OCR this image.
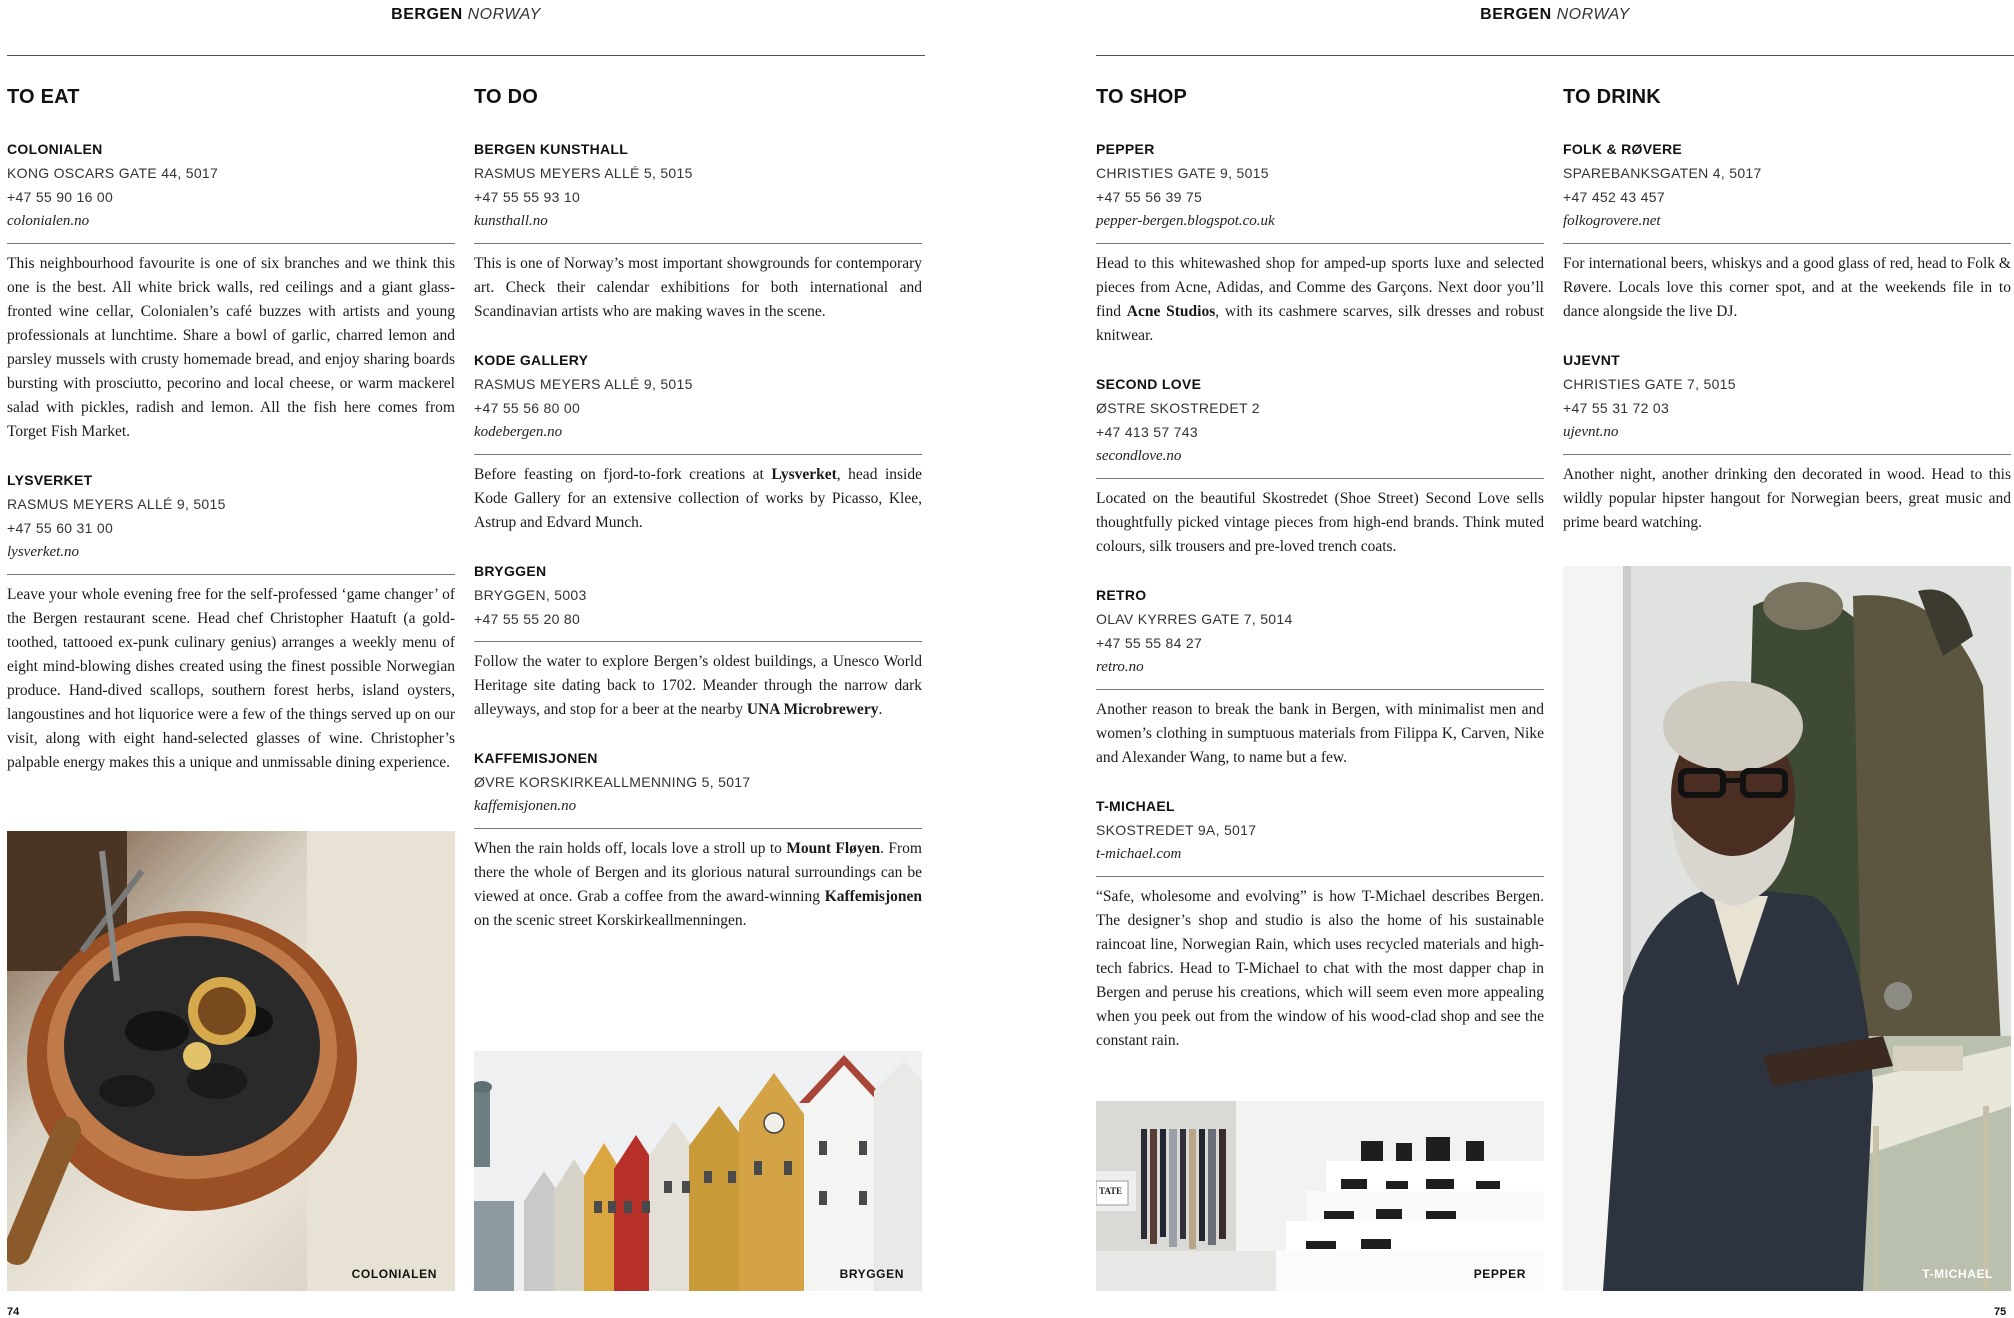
BERGEN NORWAY	BERGEN NORWAY
TO EAT
COLONIALEN
KONG OSCARS GATE 44, 5017
+47 55 90 16 00
colonialen.no

This neighbourhood favourite is one of six branches and we think this one is the best. All white brick walls, red ceilings and a giant glass-fronted wine cellar, Colonialen’s café buzzes with artists and young professionals at lunchtime. Share a bowl of garlic, charred lemon and parsley mussels with crusty homemade bread, and enjoy sharing boards bursting with prosciutto, pecorino and local cheese, or warm mackerel salad with pickles, radish and lemon. All the fish here comes from Torget Fish Market.

LYSVERKET
RASMUS MEYERS ALLÉ 9, 5015
+47 55 60 31 00
lysverket.no

Leave your whole evening free for the self-professed ‘game changer’ of the Bergen restaurant scene. Head chef Christopher Haatuft (a gold-toothed, tattooed ex-punk culinary genius) arranges a weekly menu of eight mind-blowing dishes created using the finest possible Norwegian produce. Hand-dived scallops, southern forest herbs, island oysters, langoustines and hot liquorice were a few of the things served up on our visit, along with eight hand-selected glasses of wine. Christopher’s palpable energy makes this a unique and unmissable dining experience.

COLONIALEN
TO DO
BERGEN KUNSTHALL
RASMUS MEYERS ALLÉ 5, 5015
+47 55 55 93 10
kunsthall.no

This is one of Norway’s most important showgrounds for contemporary art. Check their calendar exhibitions for both international and Scandinavian artists who are making waves in the scene.

KODE GALLERY
RASMUS MEYERS ALLÉ 9, 5015
+47 55 56 80 00
kodebergen.no

Before feasting on fjord-to-fork creations at Lysverket, head inside Kode Gallery for an extensive collection of works by Picasso, Klee, Astrup and Edvard Munch.

BRYGGEN
BRYGGEN, 5003
+47 55 55 20 80

Follow the water to explore Bergen’s oldest buildings, a Unesco World Heritage site dating back to 1702. Meander through the narrow dark alleyways, and stop for a beer at the nearby UNA Microbrewery.

KAFFEMISJONEN
ØVRE KORSKIRKEALLMENNING 5, 5017
kaffemisjonen.no

When the rain holds off, locals love a stroll up to Mount Fløyen. From there the whole of Bergen and its glorious natural surroundings can be viewed at once. Grab a coffee from the award-winning Kaffemisjonen on the scenic street Korskirkeallmenningen.

BRYGGEN
TO SHOP
PEPPER
CHRISTIES GATE 9, 5015
+47 55 56 39 75
pepper-bergen.blogspot.co.uk

Head to this whitewashed shop for amped-up sports luxe and selected pieces from Acne, Adidas, and Comme des Garçons. Next door you’ll find Acne Studios, with its cashmere scarves, silk dresses and robust knitwear.

SECOND LOVE
ØSTRE SKOSTREDET 2
+47 413 57 743
secondlove.no

Located on the beautiful Skostredet (Shoe Street) Second Love sells thoughtfully picked vintage pieces from high-end brands. Think muted colours, silk trousers and pre-loved trench coats.

RETRO
OLAV KYRRES GATE 7, 5014
+47 55 55 84 27
retro.no

Another reason to break the bank in Bergen, with minimalist men and women’s clothing in sumptuous materials from Filippa K, Carven, Nike and Alexander Wang, to name but a few.

T-MICHAEL
SKOSTREDET 9A, 5017
t-michael.com

“Safe, wholesome and evolving” is how T-Michael describes Bergen. The designer’s shop and studio is also the home of his sustainable raincoat line, Norwegian Rain, which uses recycled materials and high-tech fabrics. Head to T-Michael to chat with the most dapper chap in Bergen and peruse his creations, which will seem even more appealing when you peek out from the window of his wood-clad shop and see the constant rain.

TATE
PEPPER
TO DRINK
FOLK & RØVERE
SPAREBANKSGATEN 4, 5017
+47 452 43 457
folkogrovere.net

For international beers, whiskys and a good glass of red, head to Folk & Røvere. Locals love this corner spot, and at the weekends file in to dance alongside the live DJ.

UJEVNT
CHRISTIES GATE 7, 5015
+47 55 31 72 03
ujevnt.no

Another night, another drinking den decorated in wood. Head to this wildly popular hipster hangout for Norwegian beers, great music and prime beard watching.

T-MICHAEL
74	75
